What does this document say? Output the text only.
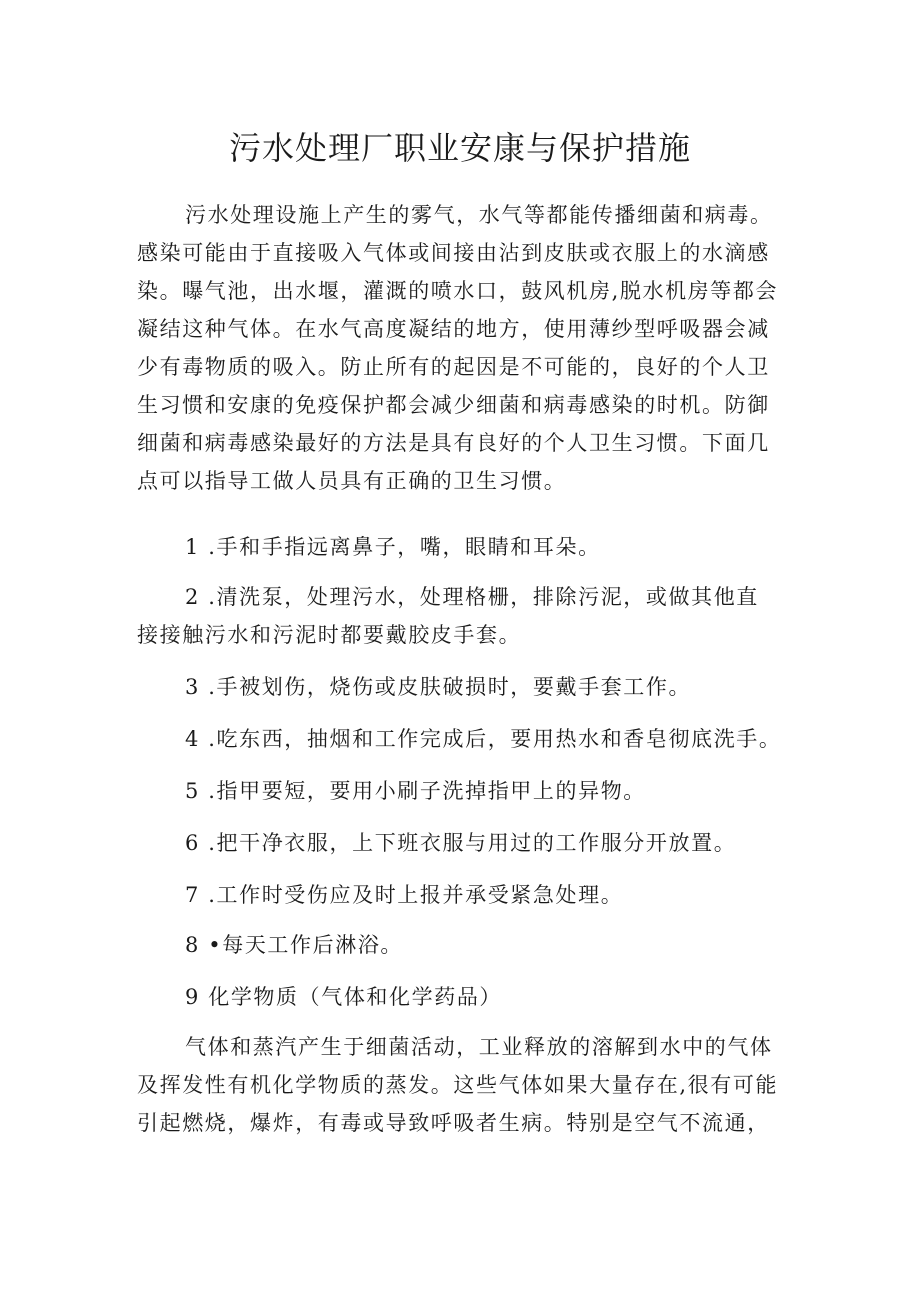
污水处理厂职业安康与保护措施
污水处理设施上产生的雾气，水气等都能传播细菌和病毒。
感染可能由于直接吸入气体或间接由沾到皮肤或衣服上的水滴感
染。曝气池，出水堰，灌溉的喷水口，鼓风机房,脱水机房等都会
凝结这种气体。在水气高度凝结的地方，使用薄纱型呼吸器会减
少有毒物质的吸入。防止所有的起因是不可能的，良好的个人卫
生习惯和安康的免疫保护都会减少细菌和病毒感染的时机。防御
细菌和病毒感染最好的方法是具有良好的个人卫生习惯。下面几
点可以指导工做人员具有正确的卫生习惯。
1 .手和手指远离鼻子，嘴，眼睛和耳朵。
2 .清洗泵，处理污水，处理格栅，排除污泥，或做其他直
接接触污水和污泥时都要戴胶皮手套。
3 .手被划伤，烧伤或皮肤破损时，要戴手套工作。
4 .吃东西，抽烟和工作完成后，要用热水和香皂彻底洗手。
5 .指甲要短，要用小刷子洗掉指甲上的异物。
6 .把干净衣服，上下班衣服与用过的工作服分开放置。
7 .工作时受伤应及时上报并承受紧急处理。
8 •每天工作后淋浴。
9 化学物质（气体和化学药品）
气体和蒸汽产生于细菌活动，工业释放的溶解到水中的气体
及挥发性有机化学物质的蒸发。这些气体如果大量存在,很有可能
引起燃烧，爆炸，有毒或导致呼吸者生病。特别是空气不流通，
